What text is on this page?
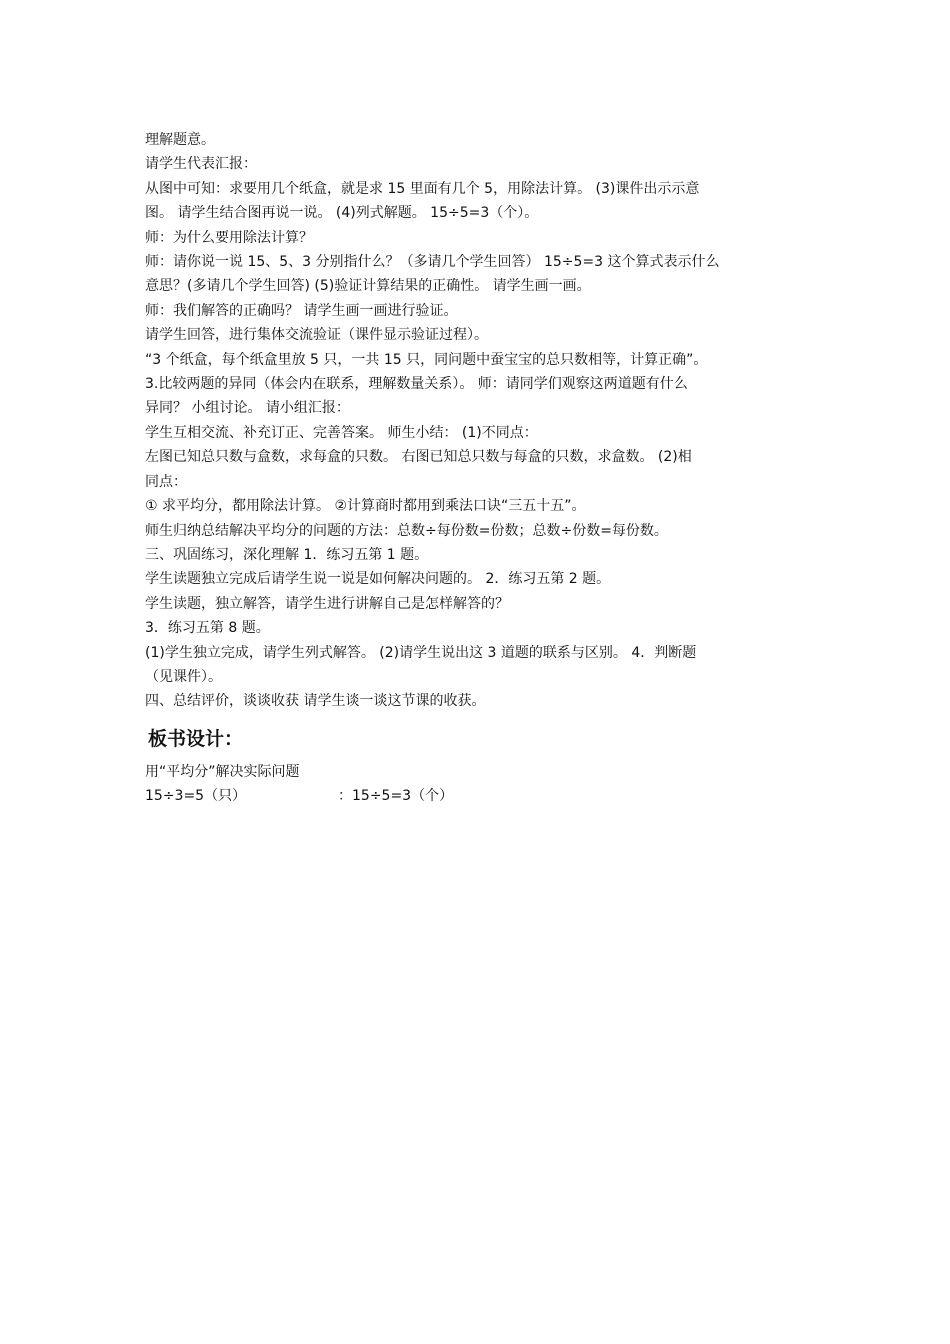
理解题意。
请学生代表汇报：
从图中可知：求要用几个纸盒，就是求 15 里面有几个 5，用除法计算。 (3)课件出示示意
图。 请学生结合图再说一说。 (4)列式解题。 15÷5=3（个）。
师：为什么要用除法计算？
师：请你说一说 15、5、3 分别指什么？（多请几个学生回答） 15÷5=3 这个算式表示什么
意思？(多请几个学生回答) (5)验证计算结果的正确性。 请学生画一画。
师：我们解答的正确吗？ 请学生画一画进行验证。
请学生回答，进行集体交流验证（课件显示验证过程）。
“3 个纸盒，每个纸盒里放 5 只，一共 15 只，同问题中蚕宝宝的总只数相等，计算正确”。
3.比较两题的异同（体会内在联系，理解数量关系）。 师：请同学们观察这两道题有什么
异同？ 小组讨论。 请小组汇报：
学生互相交流、补充订正、完善答案。 师生小结： (1)不同点：
左图已知总只数与盒数，求每盒的只数。 右图已知总只数与每盒的只数，求盒数。 (2)相
同点：
① 求平均分，都用除法计算。 ②计算商时都用到乘法口诀“三五十五”。
师生归纳总结解决平均分的问题的方法：总数÷每份数=份数；总数÷份数=每份数。
三、巩固练习，深化理解 1．练习五第 1 题。
学生读题独立完成后请学生说一说是如何解决问题的。 2．练习五第 2 题。
学生读题，独立解答，请学生进行讲解自己是怎样解答的？
3．练习五第 8 题。
(1)学生独立完成，请学生列式解答。 (2)请学生说出这 3 道题的联系与区别。 4．判断题
（见课件）。
四、总结评价，谈谈收获 请学生谈一谈这节课的收获。
板书设计：
用“平均分”解决实际问题
15÷3=5（只）	：15÷5=3（个）
